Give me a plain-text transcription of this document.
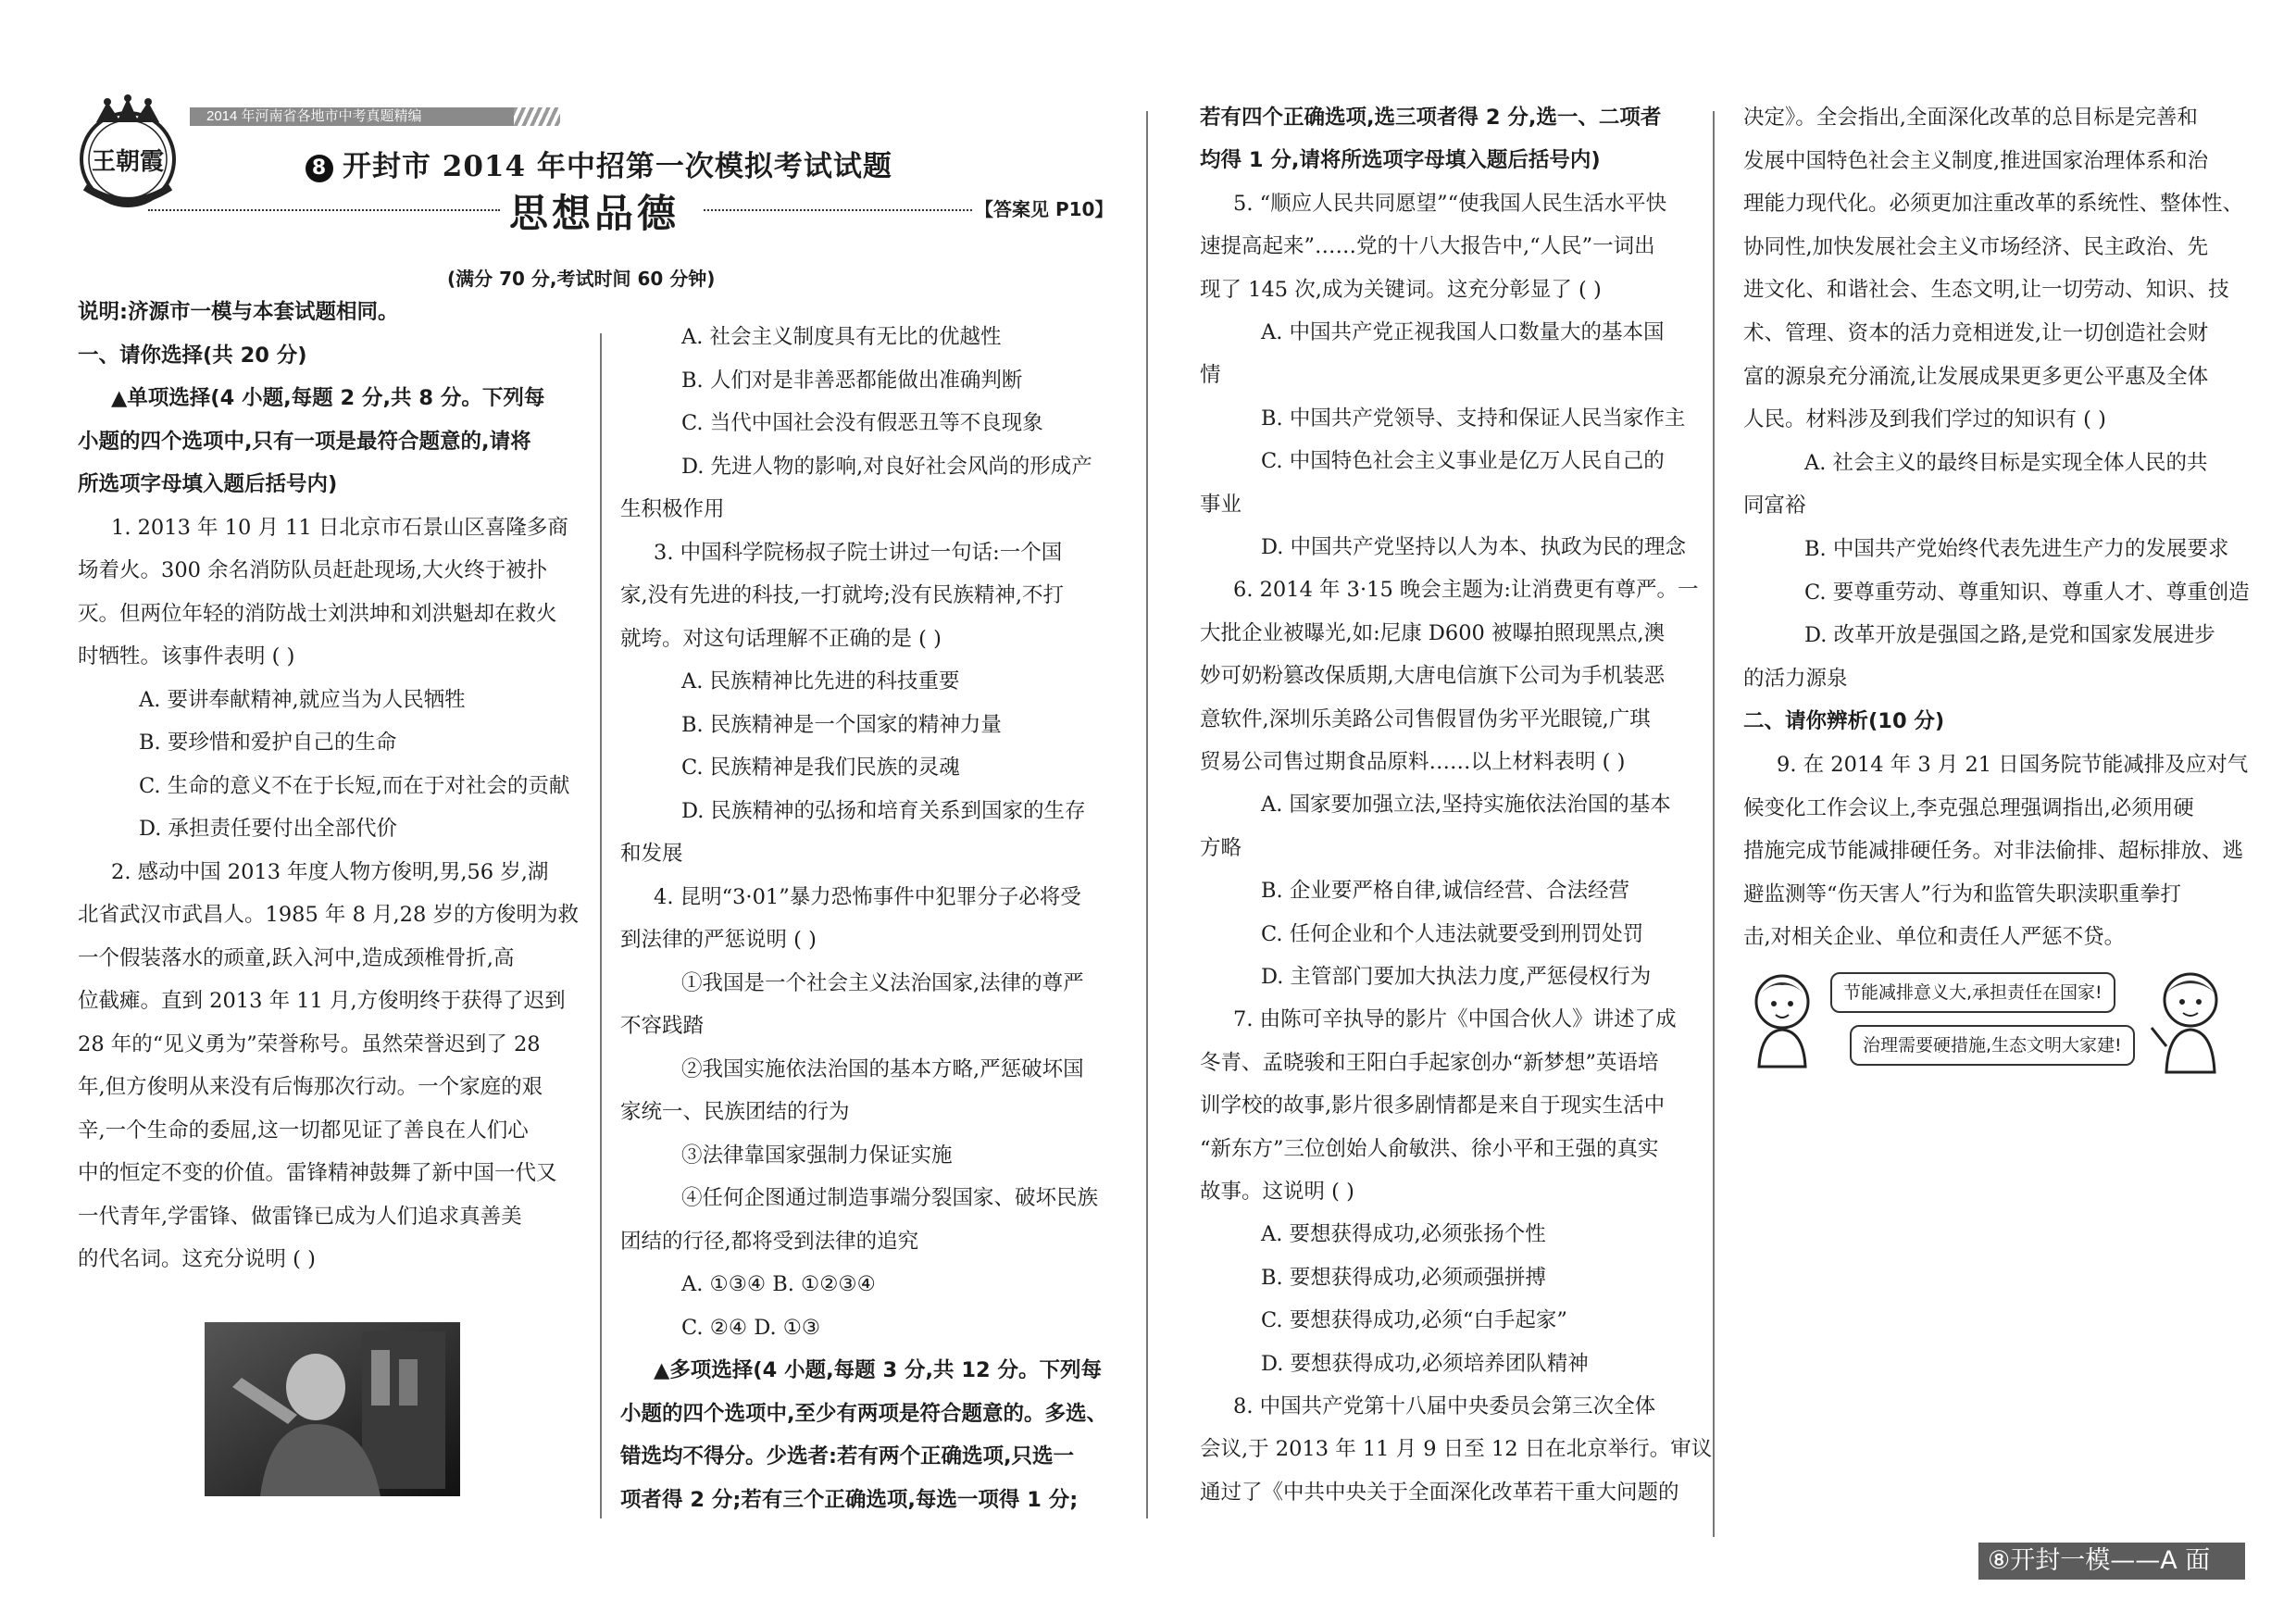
2014 年河南省各地市中考真题精编
王朝霞	8 开封市 2014 年中招第一次模拟考试试题
思想品德	【答案见 P10】
(满分 70 分,考试时间 60 分钟)
说明:济源市一模与本套试题相同。
一、请你选择(共 20 分)
▲单项选择(4 小题,每题 2 分,共 8 分。下列每
小题的四个选项中,只有一项是最符合题意的,请将
所选项字母填入题后括号内)
1. 2013 年 10 月 11 日北京市石景山区喜隆多商
场着火。300 余名消防队员赶赴现场,大火终于被扑
灭。但两位年轻的消防战士刘洪坤和刘洪魁却在救火
时牺牲。该事件表明 ( )
A. 要讲奉献精神,就应当为人民牺牲
B. 要珍惜和爱护自己的生命
C. 生命的意义不在于长短,而在于对社会的贡献
D. 承担责任要付出全部代价
2. 感动中国 2013 年度人物方俊明,男,56 岁,湖
北省武汉市武昌人。1985 年 8 月,28 岁的方俊明为救
一个假装落水的顽童,跃入河中,造成颈椎骨折,高
位截瘫。直到 2013 年 11 月,方俊明终于获得了迟到
28 年的“见义勇为”荣誉称号。虽然荣誉迟到了 28
年,但方俊明从来没有后悔那次行动。一个家庭的艰
辛,一个生命的委屈,这一切都见证了善良在人们心
中的恒定不变的价值。雷锋精神鼓舞了新中国一代又
一代青年,学雷锋、做雷锋已成为人们追求真善美
的代名词。这充分说明 ( )
A. 社会主义制度具有无比的优越性
B. 人们对是非善恶都能做出准确判断
C. 当代中国社会没有假恶丑等不良现象
D. 先进人物的影响,对良好社会风尚的形成产
生积极作用
3. 中国科学院杨叔子院士讲过一句话:一个国
家,没有先进的科技,一打就垮;没有民族精神,不打
就垮。对这句话理解不正确的是 ( )
A. 民族精神比先进的科技重要
B. 民族精神是一个国家的精神力量
C. 民族精神是我们民族的灵魂
D. 民族精神的弘扬和培育关系到国家的生存
和发展
4. 昆明“3·01”暴力恐怖事件中犯罪分子必将受
到法律的严惩说明 ( )
①我国是一个社会主义法治国家,法律的尊严
不容践踏
②我国实施依法治国的基本方略,严惩破坏国
家统一、民族团结的行为
③法律靠国家强制力保证实施
④任何企图通过制造事端分裂国家、破坏民族
团结的行径,都将受到法律的追究
A. ①③④ B. ①②③④
C. ②④ D. ①③
▲多项选择(4 小题,每题 3 分,共 12 分。下列每
小题的四个选项中,至少有两项是符合题意的。多选、
错选均不得分。少选者:若有两个正确选项,只选一
项者得 2 分;若有三个正确选项,每选一项得 1 分;
若有四个正确选项,选三项者得 2 分,选一、二项者
均得 1 分,请将所选项字母填入题后括号内)
5. “顺应人民共同愿望”“使我国人民生活水平快
速提高起来”……党的十八大报告中,“人民”一词出
现了 145 次,成为关键词。这充分彰显了 ( )
A. 中国共产党正视我国人口数量大的基本国
情
B. 中国共产党领导、支持和保证人民当家作主
C. 中国特色社会主义事业是亿万人民自己的
事业
D. 中国共产党坚持以人为本、执政为民的理念
6. 2014 年 3·15 晚会主题为:让消费更有尊严。一
大批企业被曝光,如:尼康 D600 被曝拍照现黑点,澳
妙可奶粉篡改保质期,大唐电信旗下公司为手机装恶
意软件,深圳乐美路公司售假冒伪劣平光眼镜,广琪
贸易公司售过期食品原料……以上材料表明 ( )
A. 国家要加强立法,坚持实施依法治国的基本
方略
B. 企业要严格自律,诚信经营、合法经营
C. 任何企业和个人违法就要受到刑罚处罚
D. 主管部门要加大执法力度,严惩侵权行为
7. 由陈可辛执导的影片《中国合伙人》讲述了成
冬青、孟晓骏和王阳白手起家创办“新梦想”英语培
训学校的故事,影片很多剧情都是来自于现实生活中
“新东方”三位创始人俞敏洪、徐小平和王强的真实
故事。这说明 ( )
A. 要想获得成功,必须张扬个性
B. 要想获得成功,必须顽强拼搏
C. 要想获得成功,必须“白手起家”
D. 要想获得成功,必须培养团队精神
8. 中国共产党第十八届中央委员会第三次全体
会议,于 2013 年 11 月 9 日至 12 日在北京举行。审议
通过了《中共中央关于全面深化改革若干重大问题的
决定》。全会指出,全面深化改革的总目标是完善和
发展中国特色社会主义制度,推进国家治理体系和治
理能力现代化。必须更加注重改革的系统性、整体性、
协同性,加快发展社会主义市场经济、民主政治、先
进文化、和谐社会、生态文明,让一切劳动、知识、技
术、管理、资本的活力竞相迸发,让一切创造社会财
富的源泉充分涌流,让发展成果更多更公平惠及全体
人民。材料涉及到我们学过的知识有 ( )
A. 社会主义的最终目标是实现全体人民的共
同富裕
B. 中国共产党始终代表先进生产力的发展要求
C. 要尊重劳动、尊重知识、尊重人才、尊重创造
D. 改革开放是强国之路,是党和国家发展进步
的活力源泉
二、请你辨析(10 分)
9. 在 2014 年 3 月 21 日国务院节能减排及应对气
候变化工作会议上,李克强总理强调指出,必须用硬
措施完成节能减排硬任务。对非法偷排、超标排放、逃
避监测等“伤天害人”行为和监管失职渎职重拳打
击,对相关企业、单位和责任人严惩不贷。
节能减排意义大,承担责任在国家!
治理需要硬措施,生态文明大家建!
⑧开封一模——A 面
